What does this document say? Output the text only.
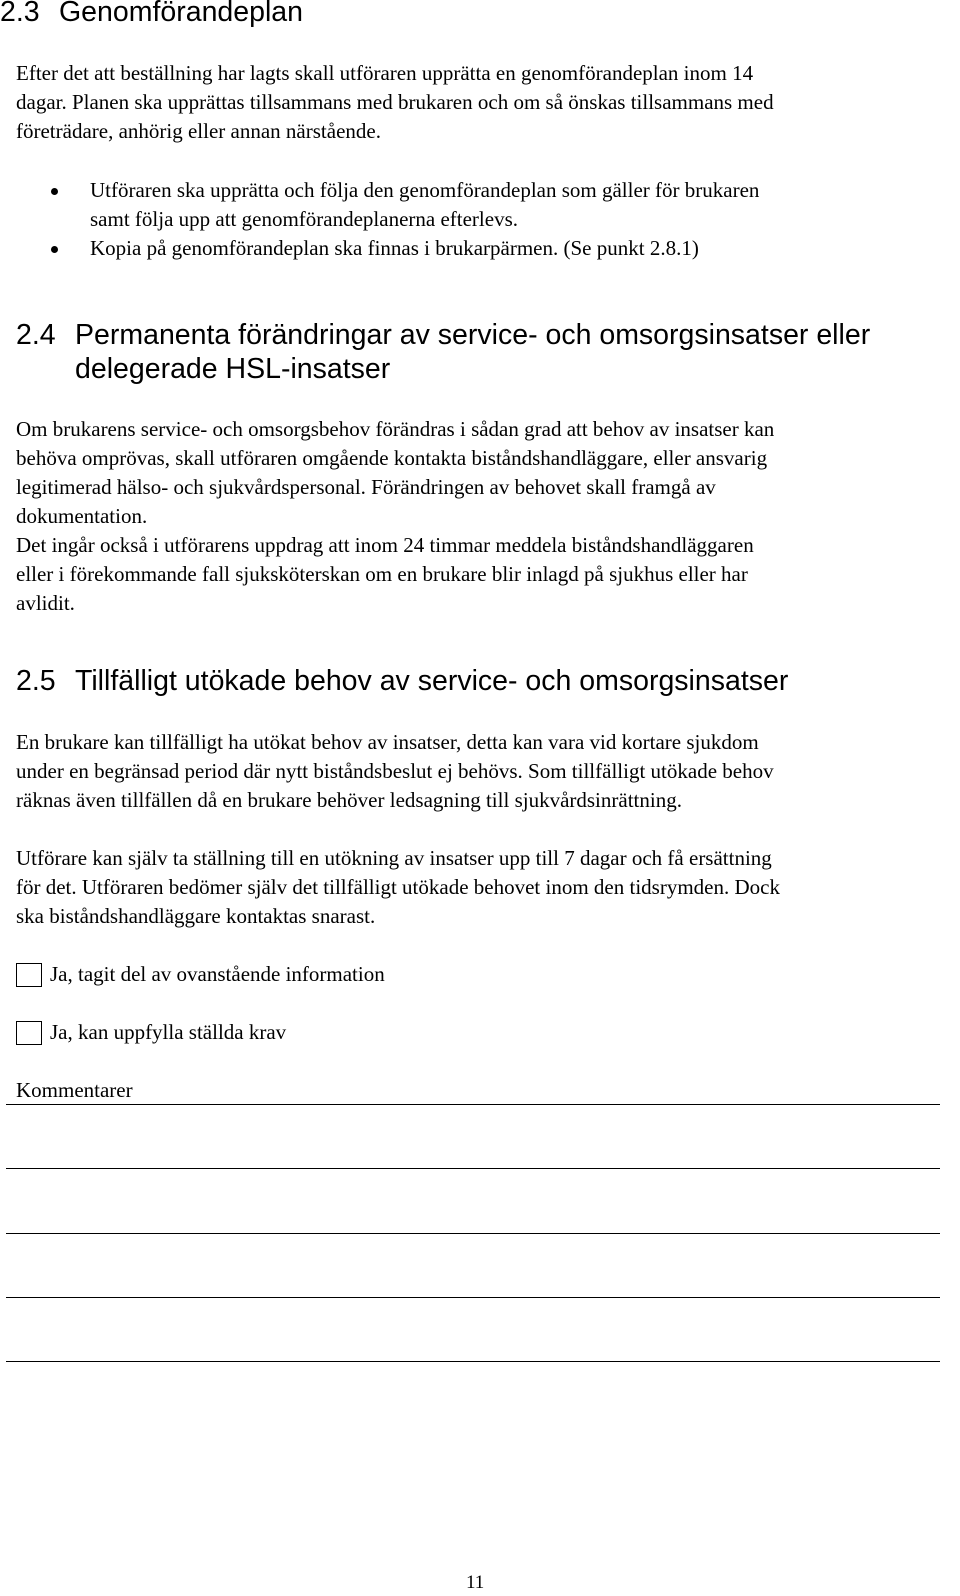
2.3 Genomförandeplan

Efter det att beställning har lagts skall utföraren upprätta en genomförandeplan inom 14

dagar. Planen ska upprättas tillsammans med brukaren och om så önskas tillsammans med

företrädare, anhörig eller annan närstående.

Utföraren ska upprätta och följa den genomförandeplan som gäller för brukaren

samt följa upp att genomförandeplanerna efterlevs.

Kopia på genomförandeplan ska finnas i brukarpärmen. (Se punkt 2.8.1)

2.4 Permanenta förändringar av service- och omsorgsinsatser eller

delegerade HSL-insatser

Om brukarens service- och omsorgsbehov förändras i sådan grad att behov av insatser kan

behöva omprövas, skall utföraren omgående kontakta biståndshandläggare, eller ansvarig

legitimerad hälso- och sjukvårdspersonal. Förändringen av behovet skall framgå av

dokumentation.

Det ingår också i utförarens uppdrag att inom 24 timmar meddela biståndshandläggaren

eller i förekommande fall sjuksköterskan om en brukare blir inlagd på sjukhus eller har

avlidit.

2.5 Tillfälligt utökade behov av service- och omsorgsinsatser

En brukare kan tillfälligt ha utökat behov av insatser, detta kan vara vid kortare sjukdom

under en begränsad period där nytt biståndsbeslut ej behövs. Som tillfälligt utökade behov

räknas även tillfällen då en brukare behöver ledsagning till sjukvårdsinrättning.

Utförare kan själv ta ställning till en utökning av insatser upp till 7 dagar och få ersättning

för det. Utföraren bedömer själv det tillfälligt utökade behovet inom den tidsrymden. Dock

ska biståndshandläggare kontaktas snarast.

Ja, tagit del av ovanstående information

Ja, kan uppfylla ställda krav

Kommentarer

11
